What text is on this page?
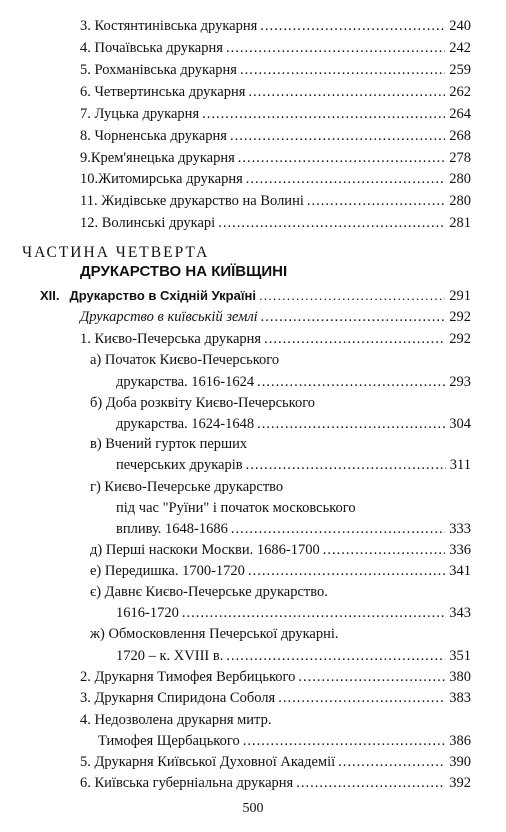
3. Костянтинівська друкарня .....	240
4. Почаївська друкарня .....	242
5. Рохманівська друкарня .....	259
6. Четвертинська друкарня .....	262
7. Луцька друкарня .....	264
8. Чорненська друкарня .....	268
9.Крем'янецька друкарня .....	278
10.Житомирська друкарня .....	280
11. Жидівське друкарство на Волині .....	280
12. Волинські друкарі .....	281
ЧАСТИНА ЧЕТВЕРТА
ДРУКАРСТВО НА КИЇВЩИНІ
XII. Друкарство в Східній Україні .....	291
Друкарство в київській землі .....	292
1. Києво-Печерська друкарня .....	292
а) Початок Києво-Печерського
друкарства. 1616-1624 .....	293
б) Доба розквіту Києво-Печерського
друкарства. 1624-1648 .....	304
в) Вчений гурток перших
печерських друкарів .....	311
г) Києво-Печерське друкарство
під час "Руїни" і початок московського
впливу. 1648-1686 .....	333
д) Перші наскоки Москви. 1686-1700 .....	336
е) Передишка. 1700-1720 .....	341
є) Давнє Києво-Печерське друкарство.
1616-1720 .....	343
ж) Обмосковлення Печерської друкарні.
1720 – к. XVIII в. .....	351
2. Друкарня Тимофея Вербицького .....	380
3. Друкарня Спиридона Соболя .....	383
4. Недозволена друкарня митр.
Тимофея Щербацького .....	386
5. Друкарня Київської Духовної Академії .....	390
6. Київська губерніальна друкарня .....	392
500
